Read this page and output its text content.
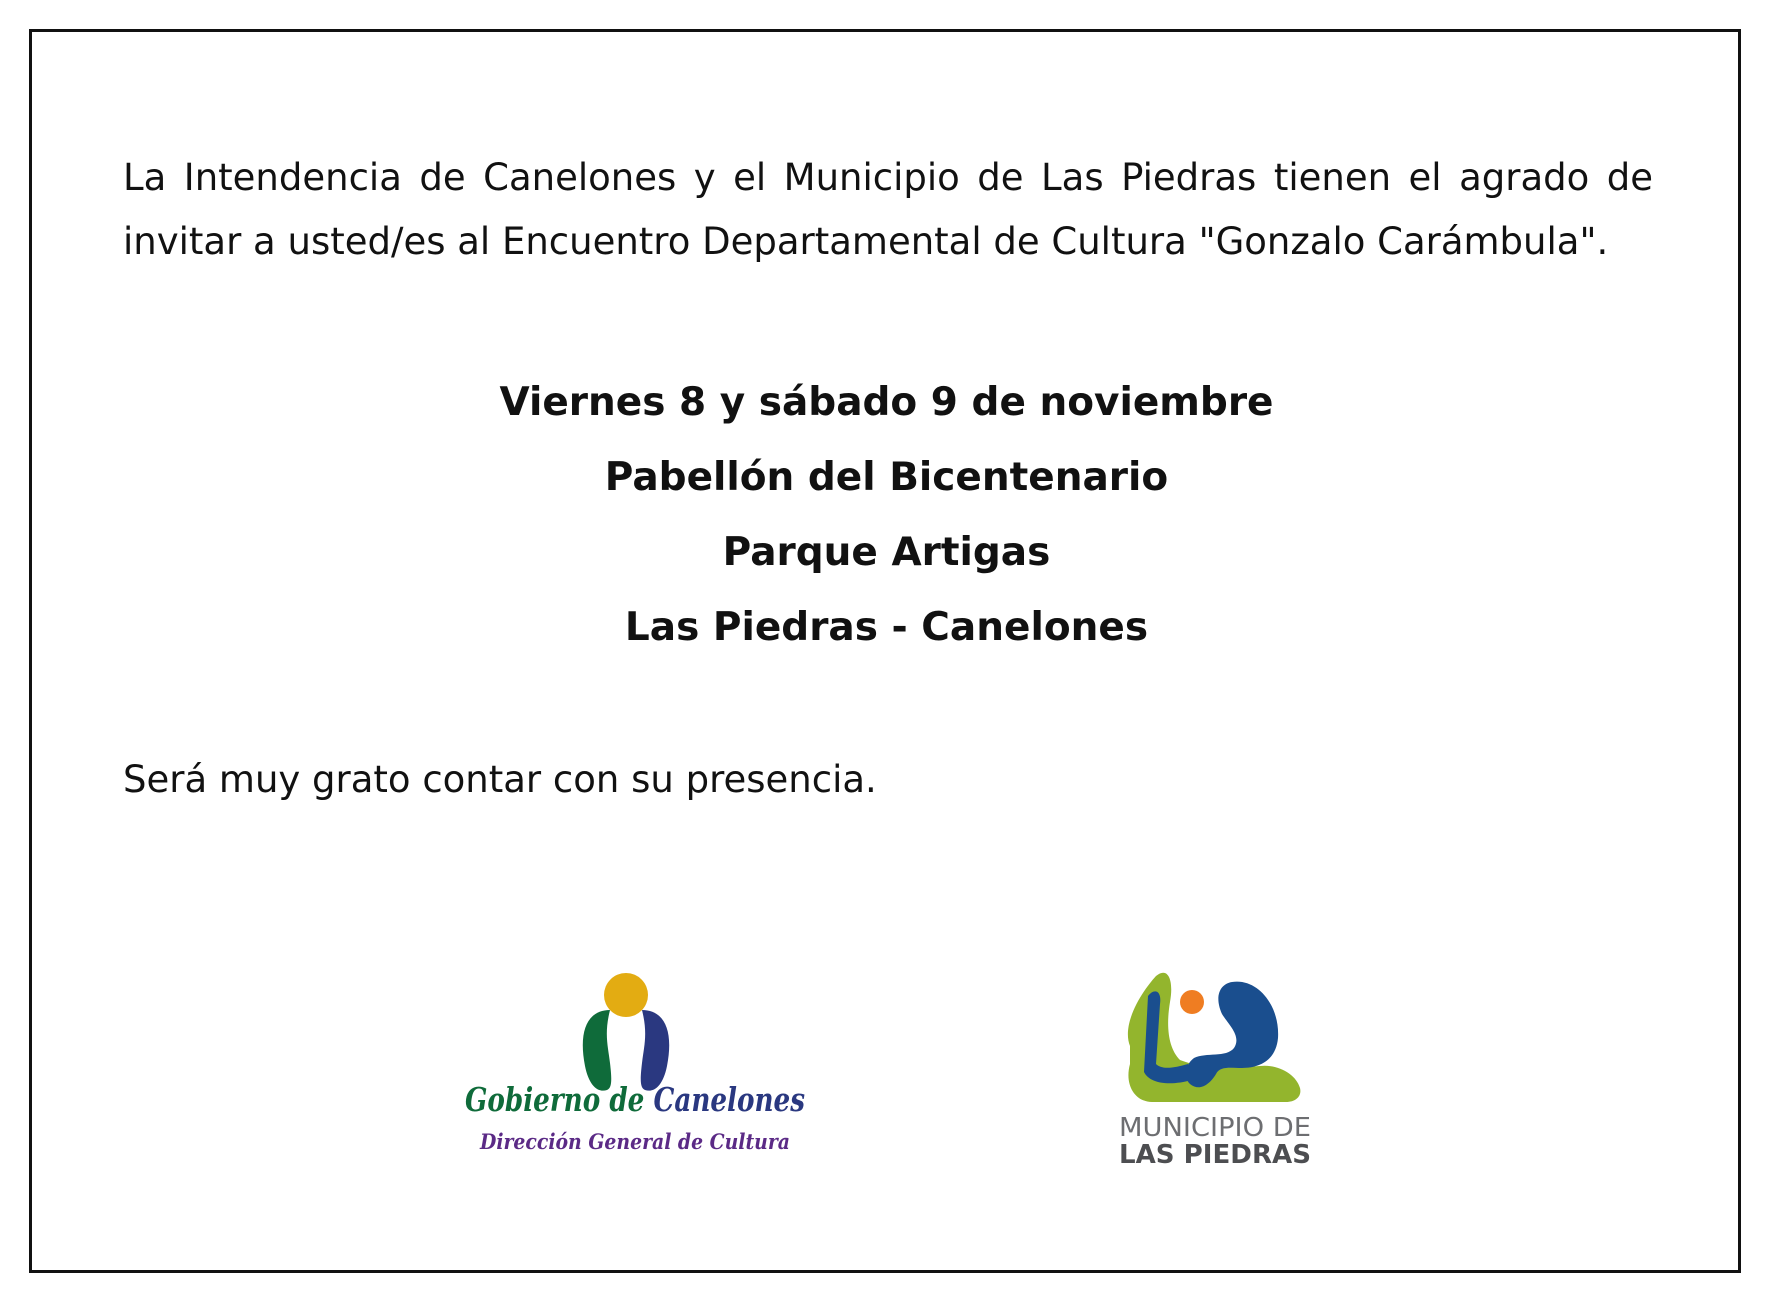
La Intendencia de Canelones y el Municipio de Las Piedras tienen el agrado de invitar a usted/es al Encuentro Departamental de Cultura "Gonzalo Carámbula".

Viernes 8 y sábado 9 de noviembre

Pabellón del Bicentenario

Parque Artigas

Las Piedras - Canelones

Será muy grato contar con su presencia.

Gobierno de Canelones
Dirección General de Cultura	MUNICIPIO DE
LAS PIEDRAS
